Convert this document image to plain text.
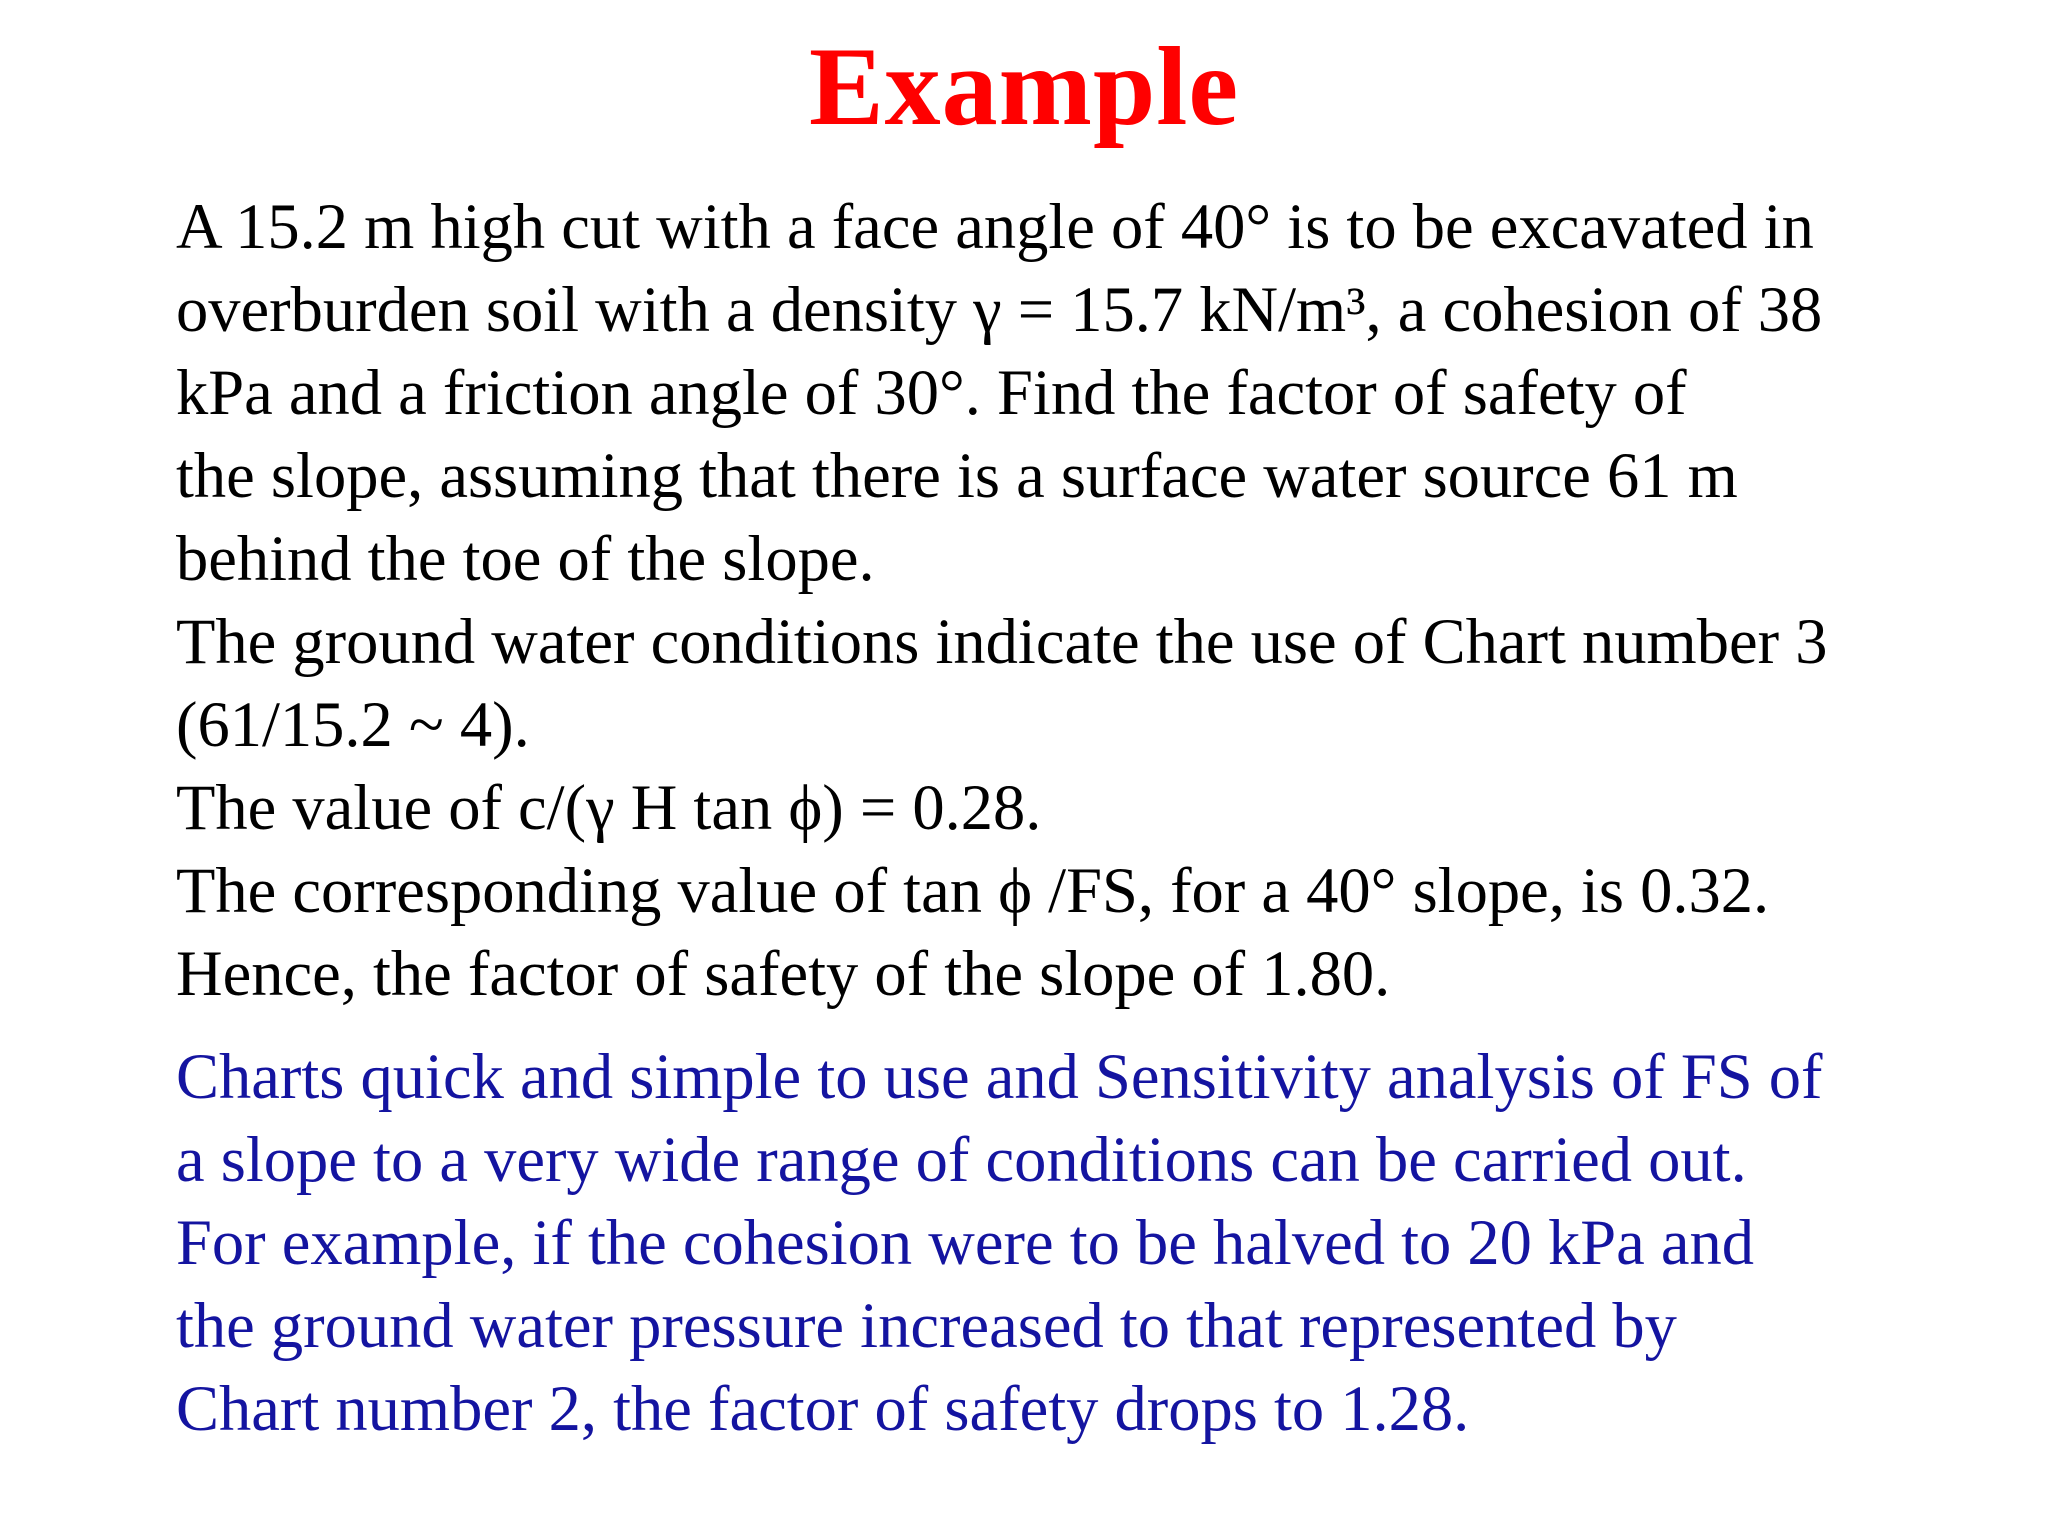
Example
A 15.2 m high cut with a face angle of 40° is to be excavated in
overburden soil with a density γ = 15.7 kN/m³, a cohesion of 38
kPa and a friction angle of 30°. Find the factor of safety of
the slope, assuming that there is a surface water source 61 m
behind the toe of the slope.
The ground water conditions indicate the use of Chart number 3
(61/15.2 ~ 4).
The value of c/(γ H tan ϕ) = 0.28.
The corresponding value of tan ϕ /FS, for a 40° slope, is 0.32.
Hence, the factor of safety of the slope of 1.80.
Charts quick and simple to use and Sensitivity analysis of FS of
a slope to a very wide range of conditions can be carried out.
For example, if the cohesion were to be halved to 20 kPa and
the ground water pressure increased to that represented by
Chart number 2, the factor of safety drops to 1.28.
